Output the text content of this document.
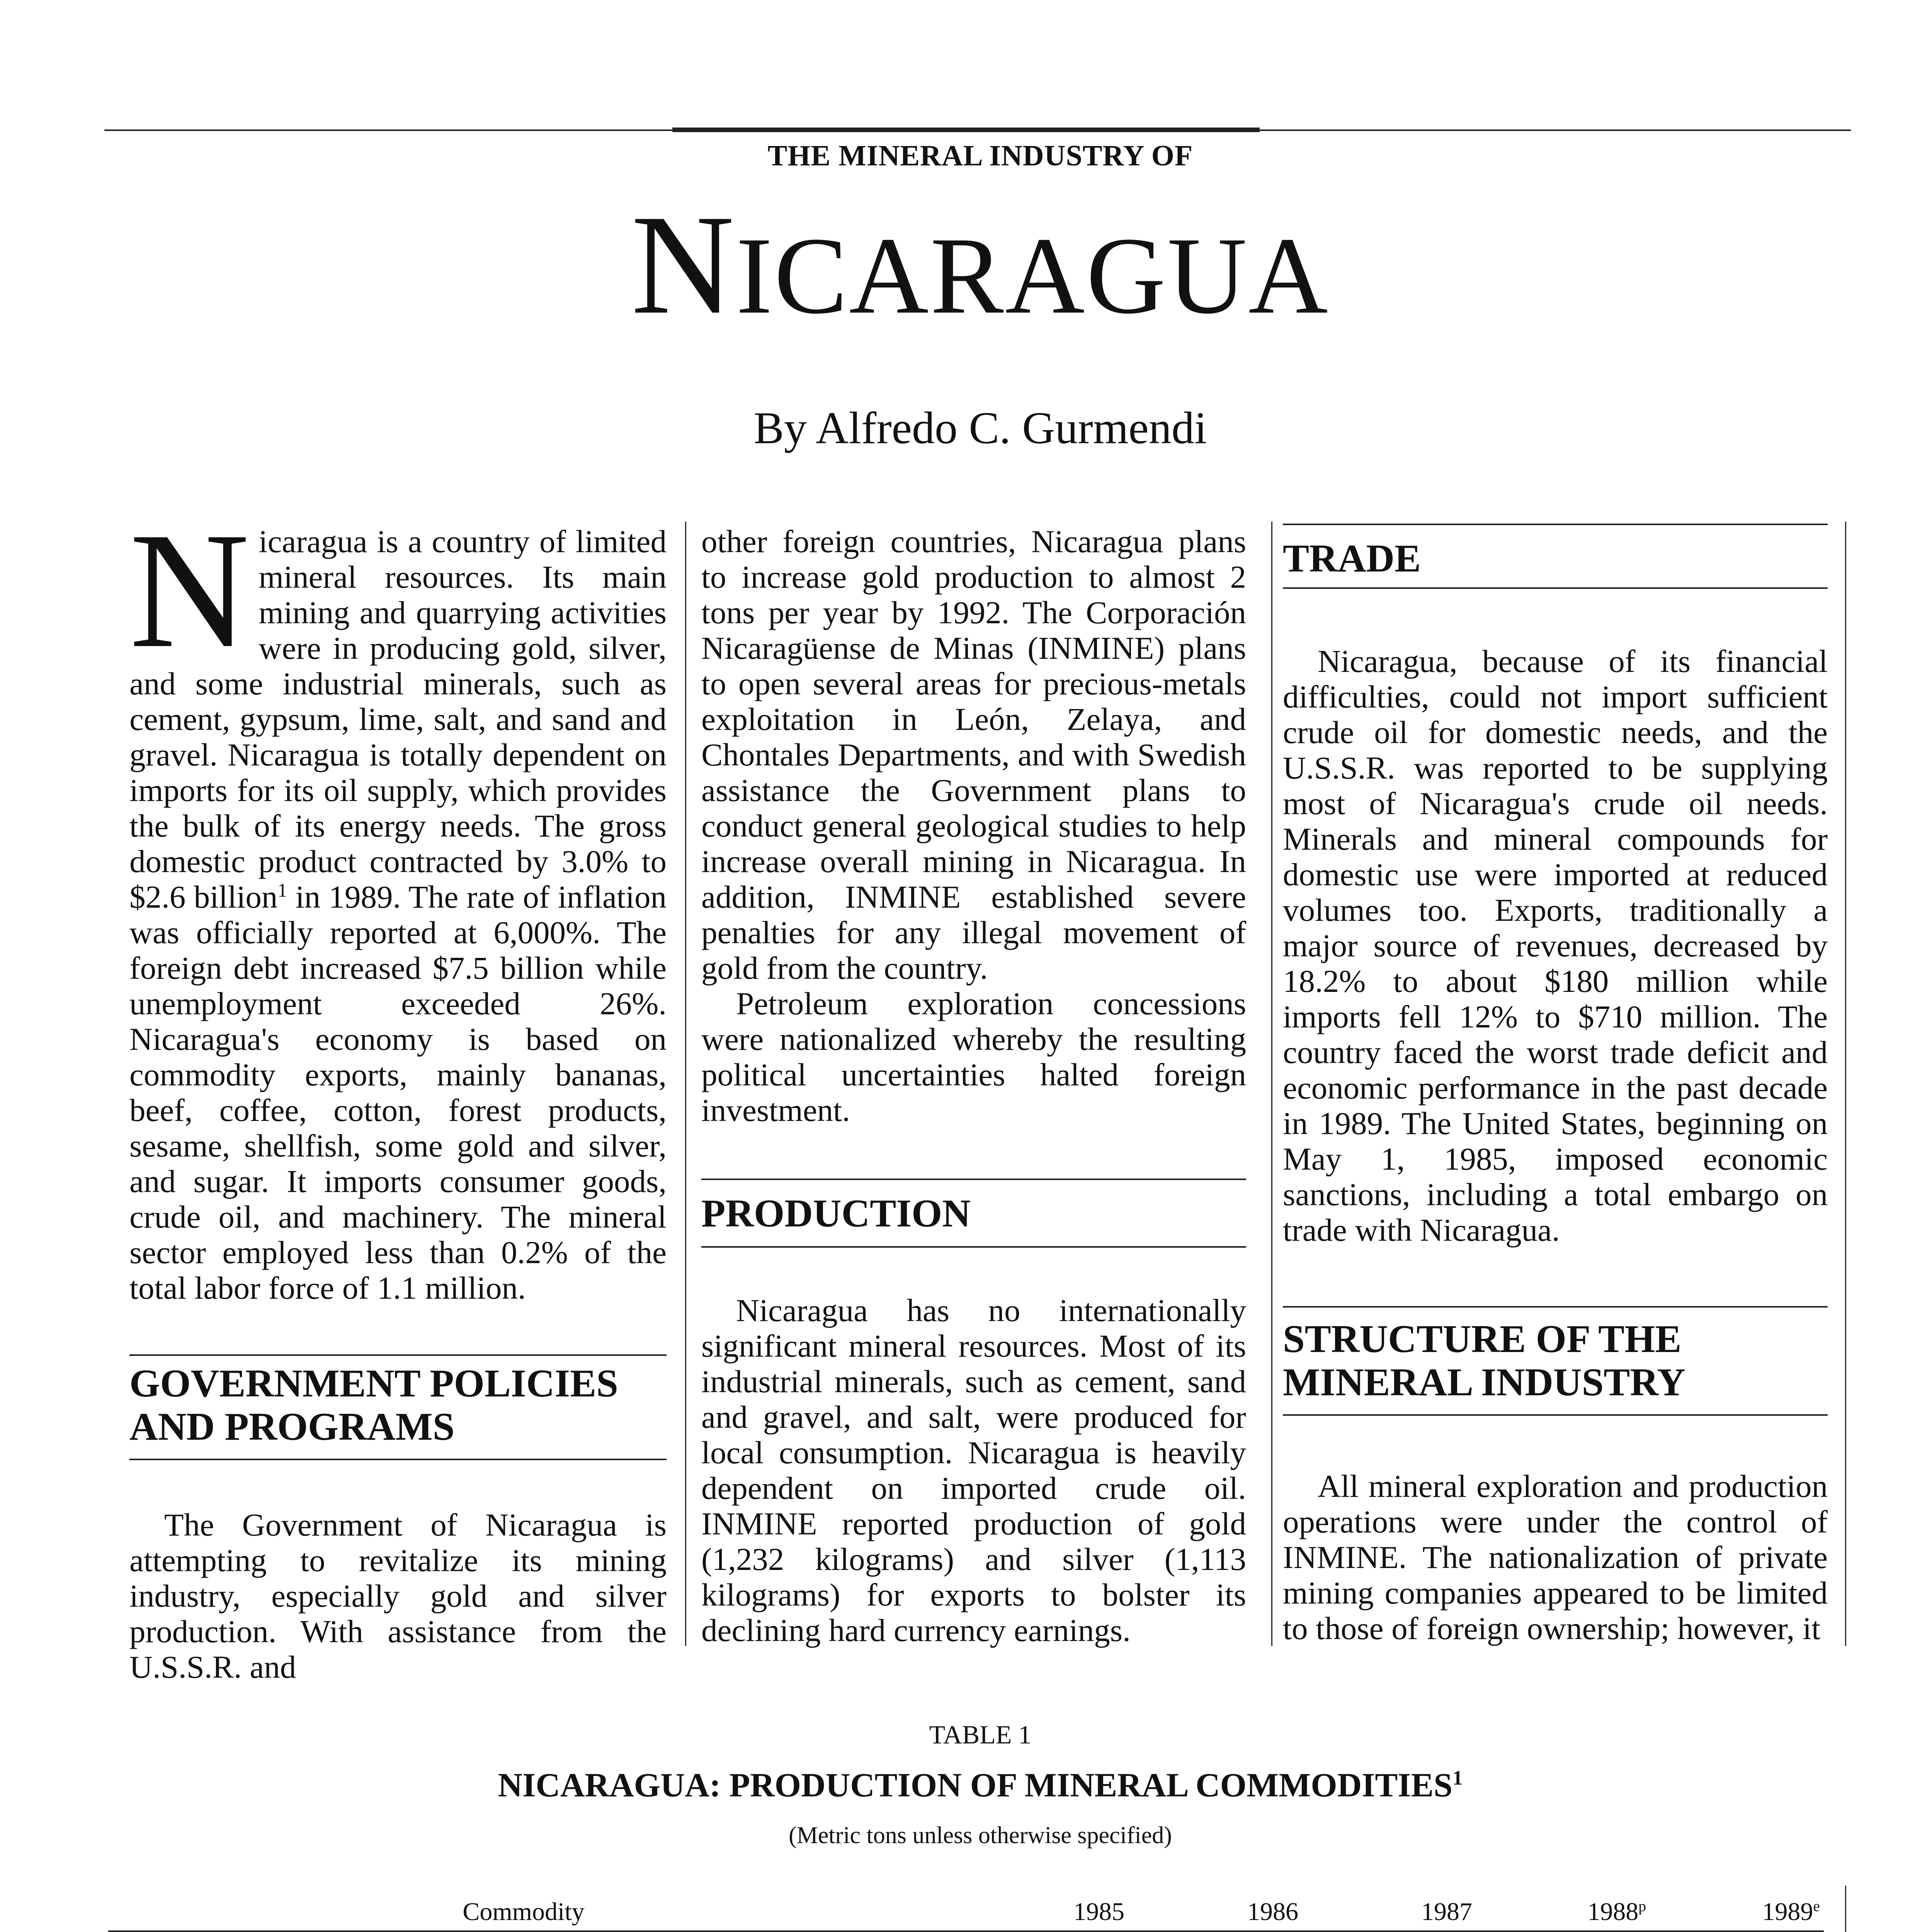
THE MINERAL INDUSTRY OF
NICARAGUA
By Alfredo C. Gurmendi

Nicaragua is a country of limited mineral resources. Its main mining and quarrying activities were in producing gold, silver, and some industrial minerals, such as cement, gypsum, lime, salt, and sand and gravel. Nicaragua is totally dependent on imports for its oil supply, which provides the bulk of its energy needs. The gross domestic product contracted by 3.0% to $2.6 billion$^1$ in 1989. The rate of inflation was officially reported at 6,000%. The foreign debt increased $7.5 billion while unemployment exceeded 26%. Nicaragua's economy is based on commodity exports, mainly bananas, beef, coffee, cotton, forest products, sesame, shellfish, some gold and silver, and sugar. It imports consumer goods, crude oil, and machinery. The mineral sector employed less than 0.2% of the total labor force of 1.1 million.

GOVERNMENT POLICIES AND PROGRAMS

The Government of Nicaragua is attempting to revitalize its mining industry, especially gold and silver production. With assistance from the U.S.S.R. and

other foreign countries, Nicaragua plans to increase gold production to almost 2 tons per year by 1992. The Corporación Nicaragüense de Minas (INMINE) plans to open several areas for precious-metals exploitation in León, Zelaya, and Chontales Departments, and with Swedish assistance the Government plans to conduct general geological studies to help increase overall mining in Nicaragua. In addition, INMINE established severe penalties for any illegal movement of gold from the country.

Petroleum exploration concessions were nationalized whereby the resulting political uncertainties halted foreign investment.

PRODUCTION

Nicaragua has no internationally significant mineral resources. Most of its industrial minerals, such as cement, sand and gravel, and salt, were produced for local consumption. Nicaragua is heavily dependent on imported crude oil. INMINE reported production of gold (1,232 kilograms) and silver (1,113 kilograms) for exports to bolster its declining hard currency earnings.

TRADE

Nicaragua, because of its financial difficulties, could not import sufficient crude oil for domestic needs, and the U.S.S.R. was reported to be supplying most of Nicaragua's crude oil needs. Minerals and mineral compounds for domestic use were imported at reduced volumes too. Exports, traditionally a major source of revenues, decreased by 18.2% to about $180 million while imports fell 12% to $710 million. The country faced the worst trade deficit and economic performance in the past decade in 1989. The United States, beginning on May 1, 1985, imposed economic sanctions, including a total embargo on trade with Nicaragua.

STRUCTURE OF THE MINERAL INDUSTRY

All mineral exploration and production operations were under the control of INMINE. The nationalization of private mining companies appeared to be limited to those of foreign ownership; however, it

TABLE 1
NICARAGUA: PRODUCTION OF MINERAL COMMODITIES$^1$
(Metric tons unless otherwise specified)
Commodity		1985	1986	1987	1988$^p$	1989e
